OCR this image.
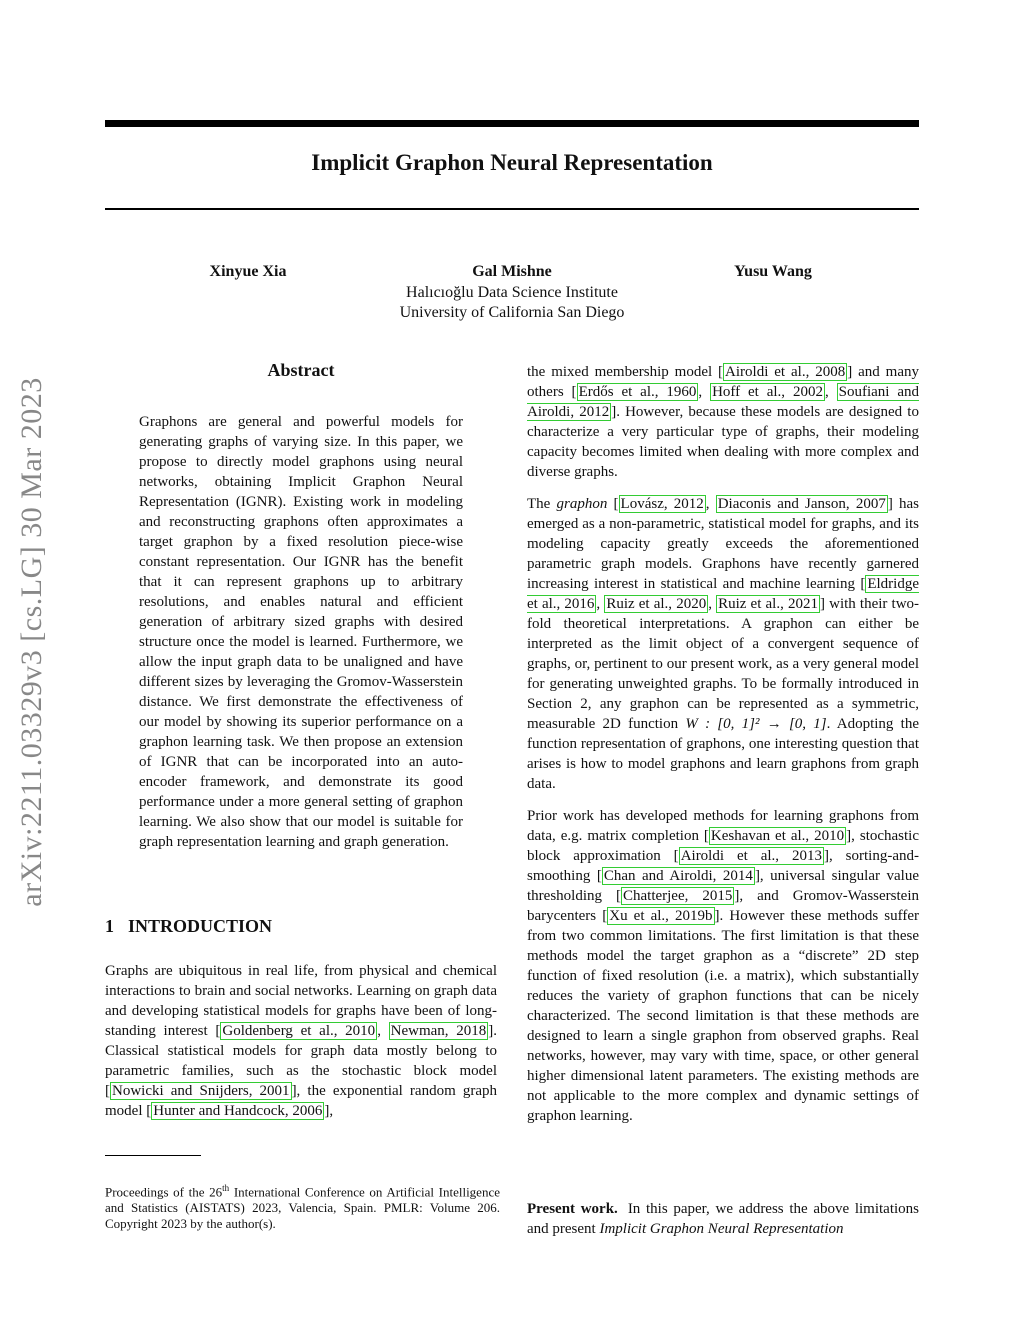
Implicit Graphon Neural Representation
Xinyue Xia	Gal Mishne	Yusu Wang
Halıcıoğlu Data Science Institute
University of California San Diego
arXiv:2211.03329v3 [cs.LG] 30 Mar 2023
Abstract
Graphons are general and powerful models for generating graphs of varying size. In this paper, we propose to directly model graphons using neural networks, obtaining Implicit Graphon Neural Representation (IGNR). Existing work in modeling and reconstructing graphons often approximates a target graphon by a fixed resolution piece-wise constant representation. Our IGNR has the benefit that it can represent graphons up to arbitrary resolutions, and enables natural and efficient generation of arbitrary sized graphs with desired structure once the model is learned. Furthermore, we allow the input graph data to be unaligned and have different sizes by leveraging the Gromov-Wasserstein distance. We first demonstrate the effectiveness of our model by showing its superior performance on a graphon learning task. We then propose an extension of IGNR that can be incorporated into an auto-encoder framework, and demonstrate its good performance under a more general setting of graphon learning. We also show that our model is suitable for graph representation learning and graph generation.
1 INTRODUCTION
Graphs are ubiquitous in real life, from physical and chemical interactions to brain and social networks. Learning on graph data and developing statistical models for graphs have been of long-standing interest [ Goldenberg et al., 2010 , Newman, 2018 ]. Classical statistical models for graph data mostly belong to parametric families, such as the stochastic block model [ Nowicki and Snijders, 2001 ], the exponential random graph model [ Hunter and Handcock, 2006 ],
Proceedings of the 26th International Conference on Artificial Intelligence and Statistics (AISTATS) 2023, Valencia, Spain. PMLR: Volume 206. Copyright 2023 by the author(s).

the mixed membership model [ Airoldi et al., 2008 ] and many others [ Erdős et al., 1960 , Hoff et al., 2002 , Soufiani and Airoldi, 2012 ]. However, because these models are designed to characterize a very particular type of graphs, their modeling capacity becomes limited when dealing with more complex and diverse graphs.

The graphon [ Lovász, 2012 , Diaconis and Janson, 2007 ] has emerged as a non-parametric, statistical model for graphs, and its modeling capacity greatly exceeds the aforementioned parametric graph models. Graphons have recently garnered increasing interest in statistical and machine learning [ Eldridge et al., 2016 , Ruiz et al., 2020 , Ruiz et al., 2021 ] with their two-fold theoretical interpretations. A graphon can either be interpreted as the limit object of a convergent sequence of graphs, or, pertinent to our present work, as a very general model for generating unweighted graphs. To be formally introduced in Section 2, any graphon can be represented as a symmetric, measurable 2D function W : [0, 1]² → [0, 1]. Adopting the function representation of graphons, one interesting question that arises is how to model graphons and learn graphons from graph data.

Prior work has developed methods for learning graphons from data, e.g. matrix completion [ Keshavan et al., 2010 ], stochastic block approximation [ Airoldi et al., 2013 ], sorting-and-smoothing [ Chan and Airoldi, 2014 ], universal singular value thresholding [ Chatterjee, 2015 ], and Gromov-Wasserstein barycenters [ Xu et al., 2019b ]. However these methods suffer from two common limitations. The first limitation is that these methods model the target graphon as a “discrete” 2D step function of fixed resolution (i.e. a matrix), which substantially reduces the variety of graphon functions that can be nicely characterized. The second limitation is that these methods are designed to learn a single graphon from observed graphs. Real networks, however, may vary with time, space, or other general higher dimensional latent parameters. The existing methods are not applicable to the more complex and dynamic settings of graphon learning.

Present work. In this paper, we address the above limitations and present Implicit Graphon Neural Representation
